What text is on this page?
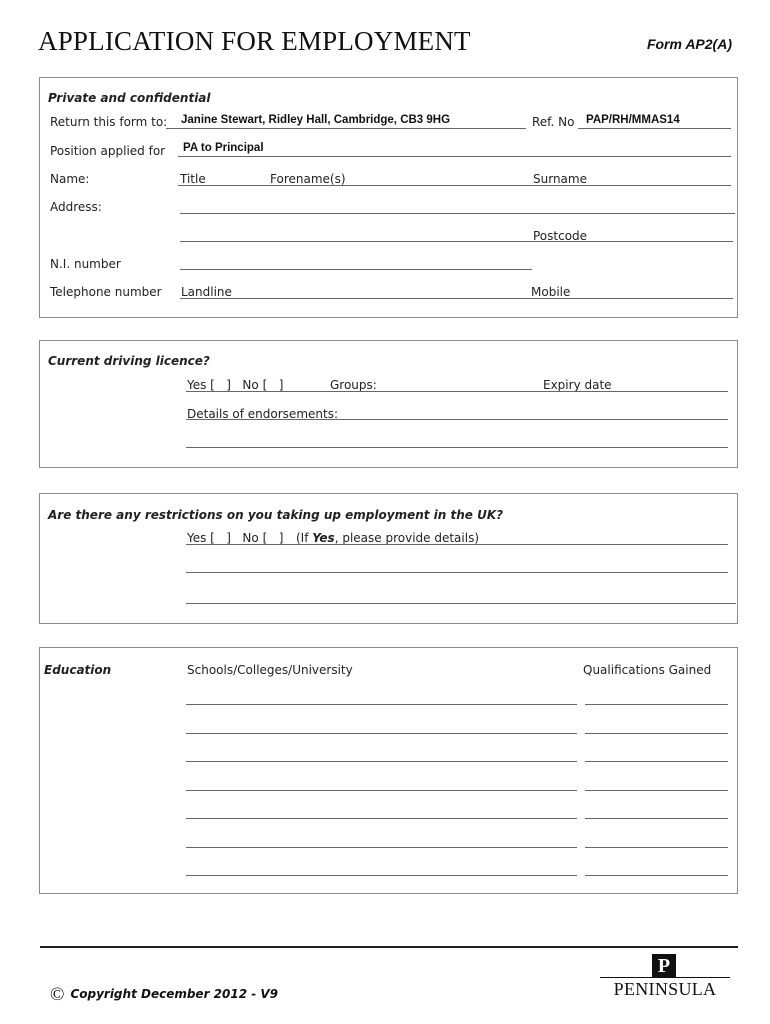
APPLICATION FOR EMPLOYMENT	Form AP2(A)
Private and confidential
Return this form to: Janine Stewart, Ridley Hall, Cambridge, CB3 9HG	Ref. No PAP/RH/MMAS14
Position applied for PA to Principal
Name:	Title	Forename(s)	Surname
Address:
Postcode
N.I. number
Telephone number Landline	Mobile
Current driving licence?
Yes [   ]   No [   ]	Groups:	Expiry date
Details of endorsements:
Are there any restrictions on you taking up employment in the UK?
Yes [   ]   No [   ] (If Yes, please provide details)
Education	Schools/Colleges/University	Qualifications Gained
© Copyright December 2012 - V9
P
PENINSULA
